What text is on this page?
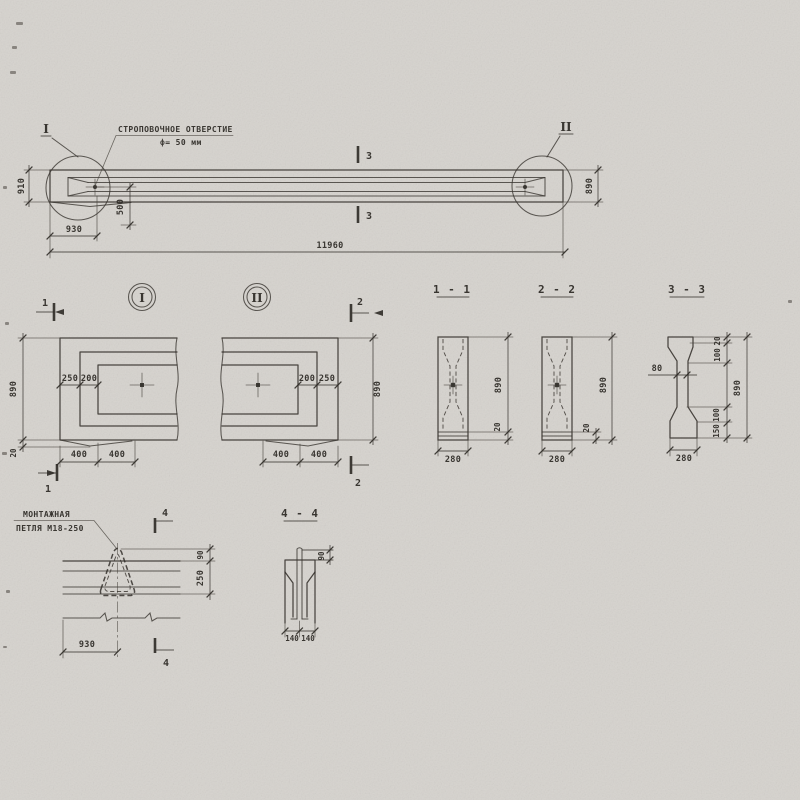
I	II
СТРОПОВОЧНОЕ ОТВЕРСТИЕ
ф= 50 мм
3
3
910	890
930
500
11960
1	I
250 200
890
20	400	400
1
II	2
200 250
890
400	400
2
1 - 1
890
20
280
2 - 2
20
890
280
3 - 3
80
20
100
100
150
890
280
МОНТАЖНАЯ
ПЕТЛЯ М18-250
4
90
250
930
4
4 - 4
90
140 140
